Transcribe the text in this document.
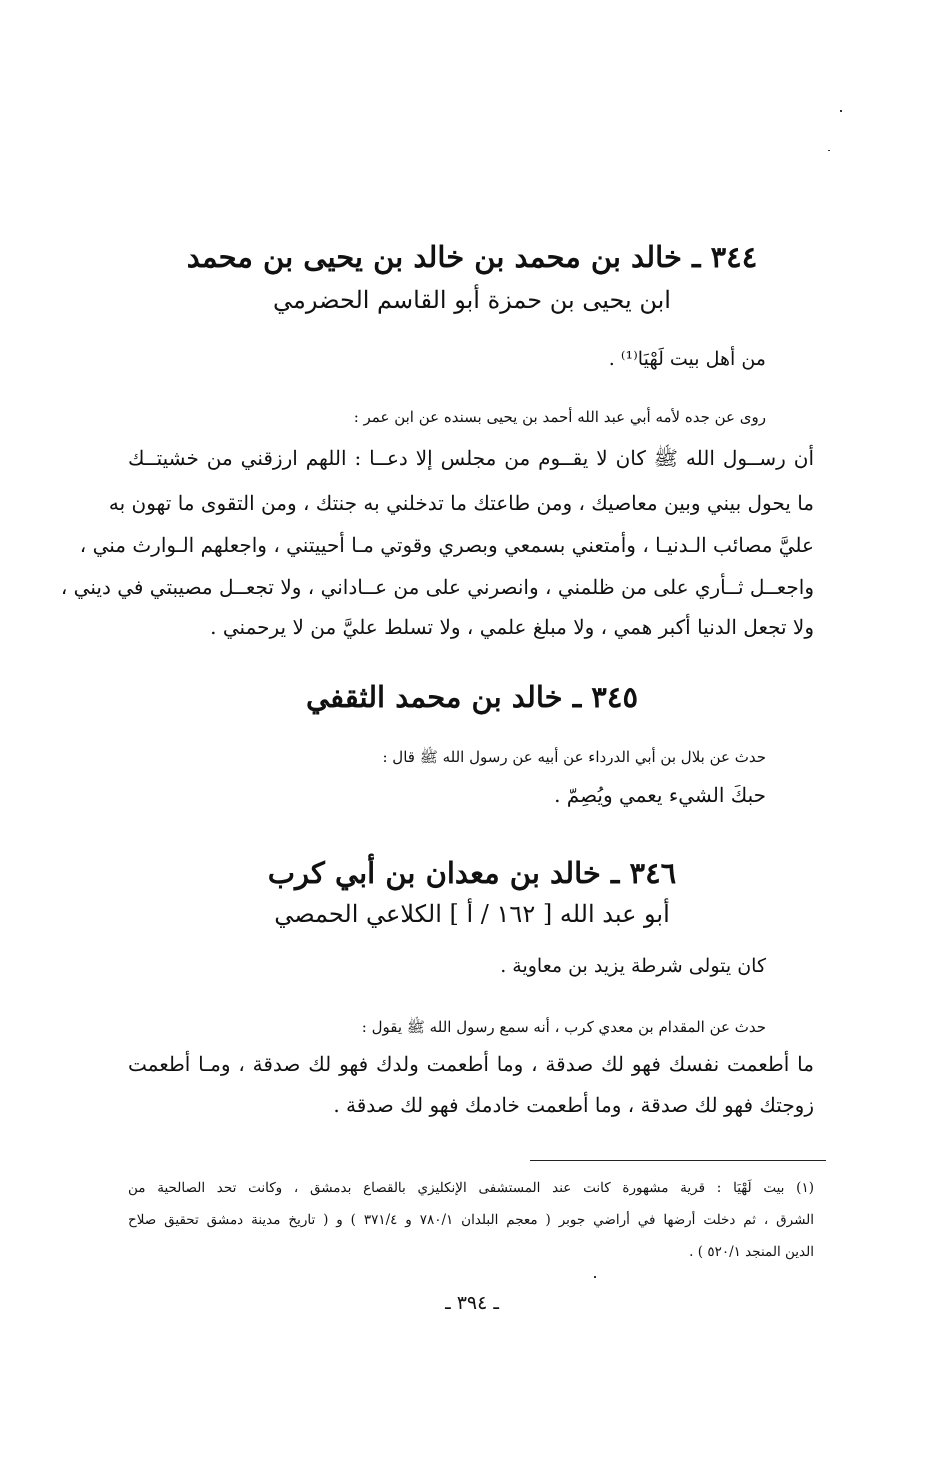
٣٤٤ ـ خالد بن محمد بن خالد بن يحيى بن محمد

ابن يحيى بن حمزة أبو القاسم الحضرمي

من أهل بيت لَهْيَا⁽¹⁾ .

روى عن جده لأمه أبي عبد الله أحمد بن يحيى بسنده عن ابن عمر :

أن رســول الله ﷺ كان لا يقــوم من مجلس إلا دعــا : اللهم ارزقني من خشيتــك

ما يحول بيني وبين معاصيك ، ومن طاعتك ما تدخلني به جنتك ، ومن التقوى ما تهون به

عليَّ مصائب الـدنيـا ، وأمتعني بسمعي وبصري وقوتي مـا أحييتني ، واجعلهم الـوارث مني ،

واجعــل ثــأري على من ظلمني ، وانصرني على من عــاداني ، ولا تجعــل مصيبتي في ديني ،

ولا تجعل الدنيا أكبر همي ، ولا مبلغ علمي ، ولا تسلط عليَّ من لا يرحمني .

٣٤٥ ـ خالد بن محمد الثقفي

حدث عن بلال بن أبي الدرداء عن أبيه عن رسول الله ﷺ قال :

حبكَ الشيء يعمي ويُصِمّ .

٣٤٦ ـ خالد بن معدان بن أبي كرب

أبو عبد الله [ ١٦٢ / أ ] الكلاعي الحمصي

كان يتولى شرطة يزيد بن معاوية .

حدث عن المقدام بن معدي كرب ، أنه سمع رسول الله ﷺ يقول :

ما أطعمت نفسك فهو لك صدقة ، وما أطعمت ولدك فهو لك صدقة ، ومـا أطعمت

زوجتك فهو لك صدقة ، وما أطعمت خادمك فهو لك صدقة .

(١) بيت لَهْيَا : قرية مشهورة كانت عند المستشفى الإنكليزي بالقصاع بدمشق ، وكانت تحد الصالحية من

الشرق ، ثم دخلت أرضها في أراضي جوبر ( معجم البلدان ٧٨٠/١ و ٣٧١/٤ ) و ( تاريخ مدينة دمشق تحقيق صلاح

الدين المنجد ٥٢٠/١ ) .

ـ ٣٩٤ ـ
